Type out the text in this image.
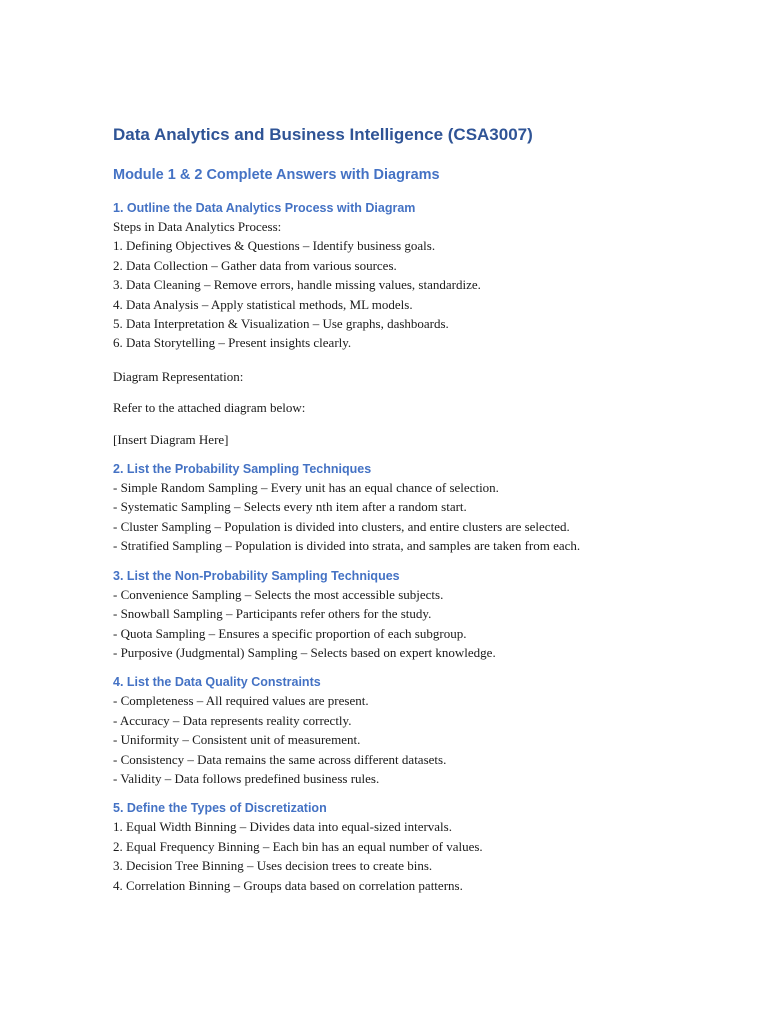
Data Analytics and Business Intelligence (CSA3007)
Module 1 & 2 Complete Answers with Diagrams
1. Outline the Data Analytics Process with Diagram

Steps in Data Analytics Process:

1. Defining Objectives & Questions – Identify business goals.

2. Data Collection – Gather data from various sources.

3. Data Cleaning – Remove errors, handle missing values, standardize.

4. Data Analysis – Apply statistical methods, ML models.

5. Data Interpretation & Visualization – Use graphs, dashboards.

6. Data Storytelling – Present insights clearly.

Diagram Representation:

Refer to the attached diagram below:

[Insert Diagram Here]

2. List the Probability Sampling Techniques

- Simple Random Sampling – Every unit has an equal chance of selection.

- Systematic Sampling – Selects every nth item after a random start.

- Cluster Sampling – Population is divided into clusters, and entire clusters are selected.

- Stratified Sampling – Population is divided into strata, and samples are taken from each.

3. List the Non-Probability Sampling Techniques

- Convenience Sampling – Selects the most accessible subjects.

- Snowball Sampling – Participants refer others for the study.

- Quota Sampling – Ensures a specific proportion of each subgroup.

- Purposive (Judgmental) Sampling – Selects based on expert knowledge.

4. List the Data Quality Constraints

- Completeness – All required values are present.

- Accuracy – Data represents reality correctly.

- Uniformity – Consistent unit of measurement.

- Consistency – Data remains the same across different datasets.

- Validity – Data follows predefined business rules.

5. Define the Types of Discretization

1. Equal Width Binning – Divides data into equal-sized intervals.

2. Equal Frequency Binning – Each bin has an equal number of values.

3. Decision Tree Binning – Uses decision trees to create bins.

4. Correlation Binning – Groups data based on correlation patterns.
